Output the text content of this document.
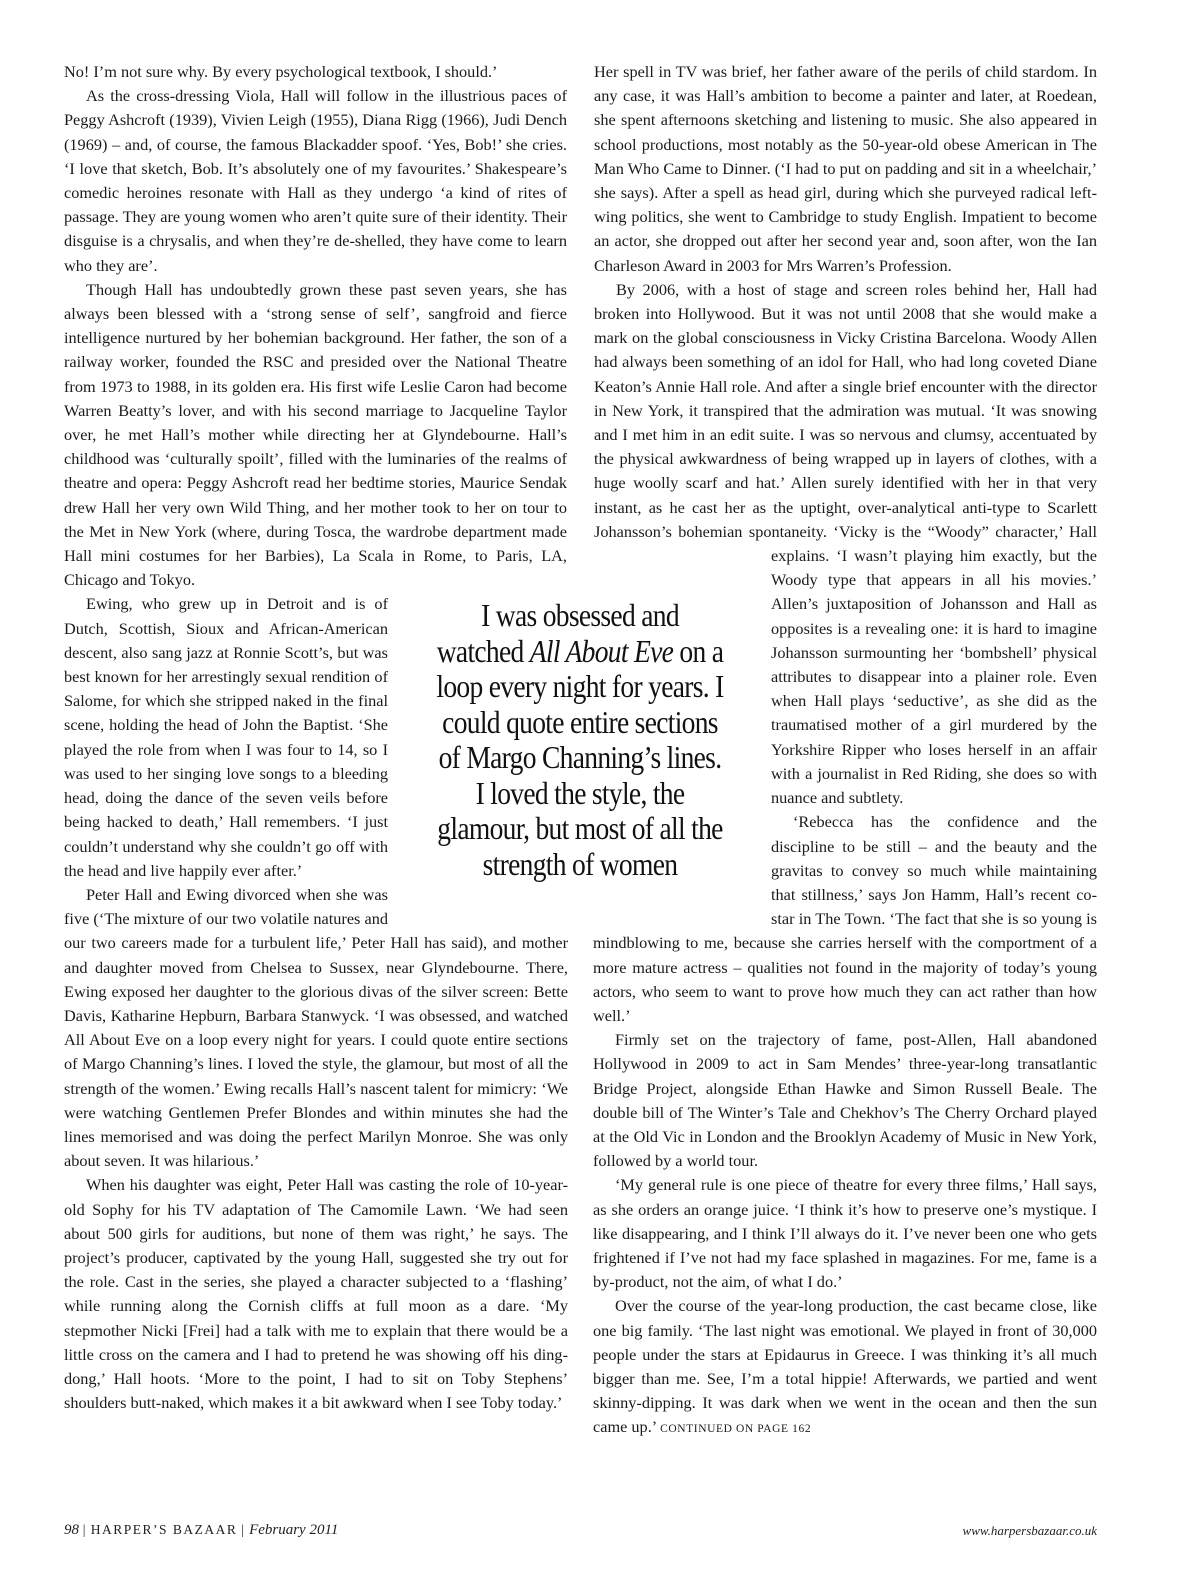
No! I’m not sure why. By every psychological textbook, I should.’

As the cross-dressing Viola, Hall will follow in the illustrious paces of Peggy Ashcroft (1939), Vivien Leigh (1955), Diana Rigg (1966), Judi Dench (1969) – and, of course, the famous Blackadder spoof. ‘Yes, Bob!’ she cries. ‘I love that sketch, Bob. It’s absolutely one of my favourites.’ Shakespeare’s comedic heroines resonate with Hall as they undergo ‘a kind of rites of passage. They are young women who aren’t quite sure of their identity. Their disguise is a chrysalis, and when they’re de-shelled, they have come to learn who they are’.

Though Hall has undoubtedly grown these past seven years, she has always been blessed with a ‘strong sense of self’, sangfroid and fierce intelligence nurtured by her bohemian background. Her father, the son of a railway worker, founded the RSC and presided over the National Theatre from 1973 to 1988, in its golden era. His first wife Leslie Caron had become Warren Beatty’s lover, and with his second marriage to Jacqueline Taylor over, he met Hall’s mother while directing her at Glyndebourne. Hall’s childhood was ‘culturally spoilt’, filled with the luminaries of the realms of theatre and opera: Peggy Ashcroft read her bedtime stories, Maurice Sendak drew Hall her very own Wild Thing, and her mother took to her on tour to the Met in New York (where, during Tosca, the wardrobe department made Hall mini costumes for her Barbies), La Scala in Rome, to Paris, LA, Chicago and Tokyo.

Ewing, who grew up in Detroit and is of Dutch, Scottish, Sioux and African-American descent, also sang jazz at Ronnie Scott’s, but was best known for her arrestingly sexual rendition of Salome, for which she stripped naked in the final scene, holding the head of John the Baptist. ‘She played the role from when I was four to 14, so I was used to her singing love songs to a bleeding head, doing the dance of the seven veils before being hacked to death,’ Hall remembers. ‘I just couldn’t understand why she couldn’t go off with the head and live happily ever after.’

Peter Hall and Ewing divorced when she was five (‘The mixture of our two volatile natures and our two careers made for a turbulent life,’ Peter Hall has said), and mother and daughter moved from Chelsea to Sussex, near Glyndebourne. There, Ewing exposed her daughter to the glorious divas of the silver screen: Bette Davis, Katharine Hepburn, Barbara Stanwyck. ‘I was obsessed, and watched All About Eve on a loop every night for years. I could quote entire sections of Margo Channing’s lines. I loved the style, the glamour, but most of all the strength of the women.’ Ewing recalls Hall’s nascent talent for mimicry: ‘We were watching Gentlemen Prefer Blondes and within minutes she had the lines memorised and was doing the perfect Marilyn Monroe. She was only about seven. It was hilarious.’

When his daughter was eight, Peter Hall was casting the role of 10-year-old Sophy for his TV adaptation of The Camomile Lawn. ‘We had seen about 500 girls for auditions, but none of them was right,’ he says. The project’s producer, captivated by the young Hall, suggested she try out for the role. Cast in the series, she played a character subjected to a ‘flashing’ while running along the Cornish cliffs at full moon as a dare. ‘My stepmother Nicki [Frei] had a talk with me to explain that there would be a little cross on the camera and I had to pretend he was showing off his ding-dong,’ Hall hoots. ‘More to the point, I had to sit on Toby Stephens’ shoulders butt-naked, which makes it a bit awkward when I see Toby today.’

Her spell in TV was brief, her father aware of the perils of child stardom. In any case, it was Hall’s ambition to become a painter and later, at Roedean, she spent afternoons sketching and listening to music. She also appeared in school productions, most notably as the 50-year-old obese American in The Man Who Came to Dinner. (‘I had to put on padding and sit in a wheelchair,’ she says). After a spell as head girl, during which she purveyed radical left-wing politics, she went to Cambridge to study English. Impatient to become an actor, she dropped out after her second year and, soon after, won the Ian Charleson Award in 2003 for Mrs Warren’s Profession.

By 2006, with a host of stage and screen roles behind her, Hall had broken into Hollywood. But it was not until 2008 that she would make a mark on the global consciousness in Vicky Cristina Barcelona. Woody Allen had always been something of an idol for Hall, who had long coveted Diane Keaton’s Annie Hall role. And after a single brief encounter with the director in New York, it transpired that the admiration was mutual. ‘It was snowing and I met him in an edit suite. I was so nervous and clumsy, accentuated by the physical awkwardness of being wrapped up in layers of clothes, with a huge woolly scarf and hat.’ Allen surely identified with her in that very instant, as he cast her as the uptight, over-analytical anti-type to Scarlett Johansson’s bohemian spontaneity. ‘Vicky is the “Woody” character,’ Hall explains. ‘I wasn’t playing him exactly, but the Woody type that appears in all his movies.’ Allen’s juxtaposition of Johansson and Hall as opposites is a revealing one: it is hard to imagine Johansson surmounting her ‘bombshell’ physical attributes to disappear into a plainer role. Even when Hall plays ‘seductive’, as she did as the traumatised mother of a girl murdered by the Yorkshire Ripper who loses herself in an affair with a journalist in Red Riding, she does so with nuance and subtlety.

‘Rebecca has the confidence and the discipline to be still – and the beauty and the gravitas to convey so much while maintaining that stillness,’ says Jon Hamm, Hall’s recent co-star in The Town. ‘The fact that she is so young is mindblowing to me, because she carries herself with the comportment of a more mature actress – qualities not found in the majority of today’s young actors, who seem to want to prove how much they can act rather than how well.’

Firmly set on the trajectory of fame, post-Allen, Hall abandoned Hollywood in 2009 to act in Sam Mendes’ three-year-long transatlantic Bridge Project, alongside Ethan Hawke and Simon Russell Beale. The double bill of The Winter’s Tale and Chekhov’s The Cherry Orchard played at the Old Vic in London and the Brooklyn Academy of Music in New York, followed by a world tour.

‘My general rule is one piece of theatre for every three films,’ Hall says, as she orders an orange juice. ‘I think it’s how to preserve one’s mystique. I like disappearing, and I think I’ll always do it. I’ve never been one who gets frightened if I’ve not had my face splashed in magazines. For me, fame is a by-product, not the aim, of what I do.’

Over the course of the year-long production, the cast became close, like one big family. ‘The last night was emotional. We played in front of 30,000 people under the stars at Epidaurus in Greece. I was thinking it’s all much bigger than me. See, I’m a total hippie! Afterwards, we partied and went skinny-dipping. It was dark when we went in the ocean and then the sun came up.’ CONTINUED ON PAGE 162

I was obsessed and watched All About Eve on a loop every night for years. I could quote entire sections of Margo Channing’s lines. I loved the style, the glamour, but most of all the strength of women
98 | HARPER’S BAZAAR | February 2011	www.harpersbazaar.co.uk
